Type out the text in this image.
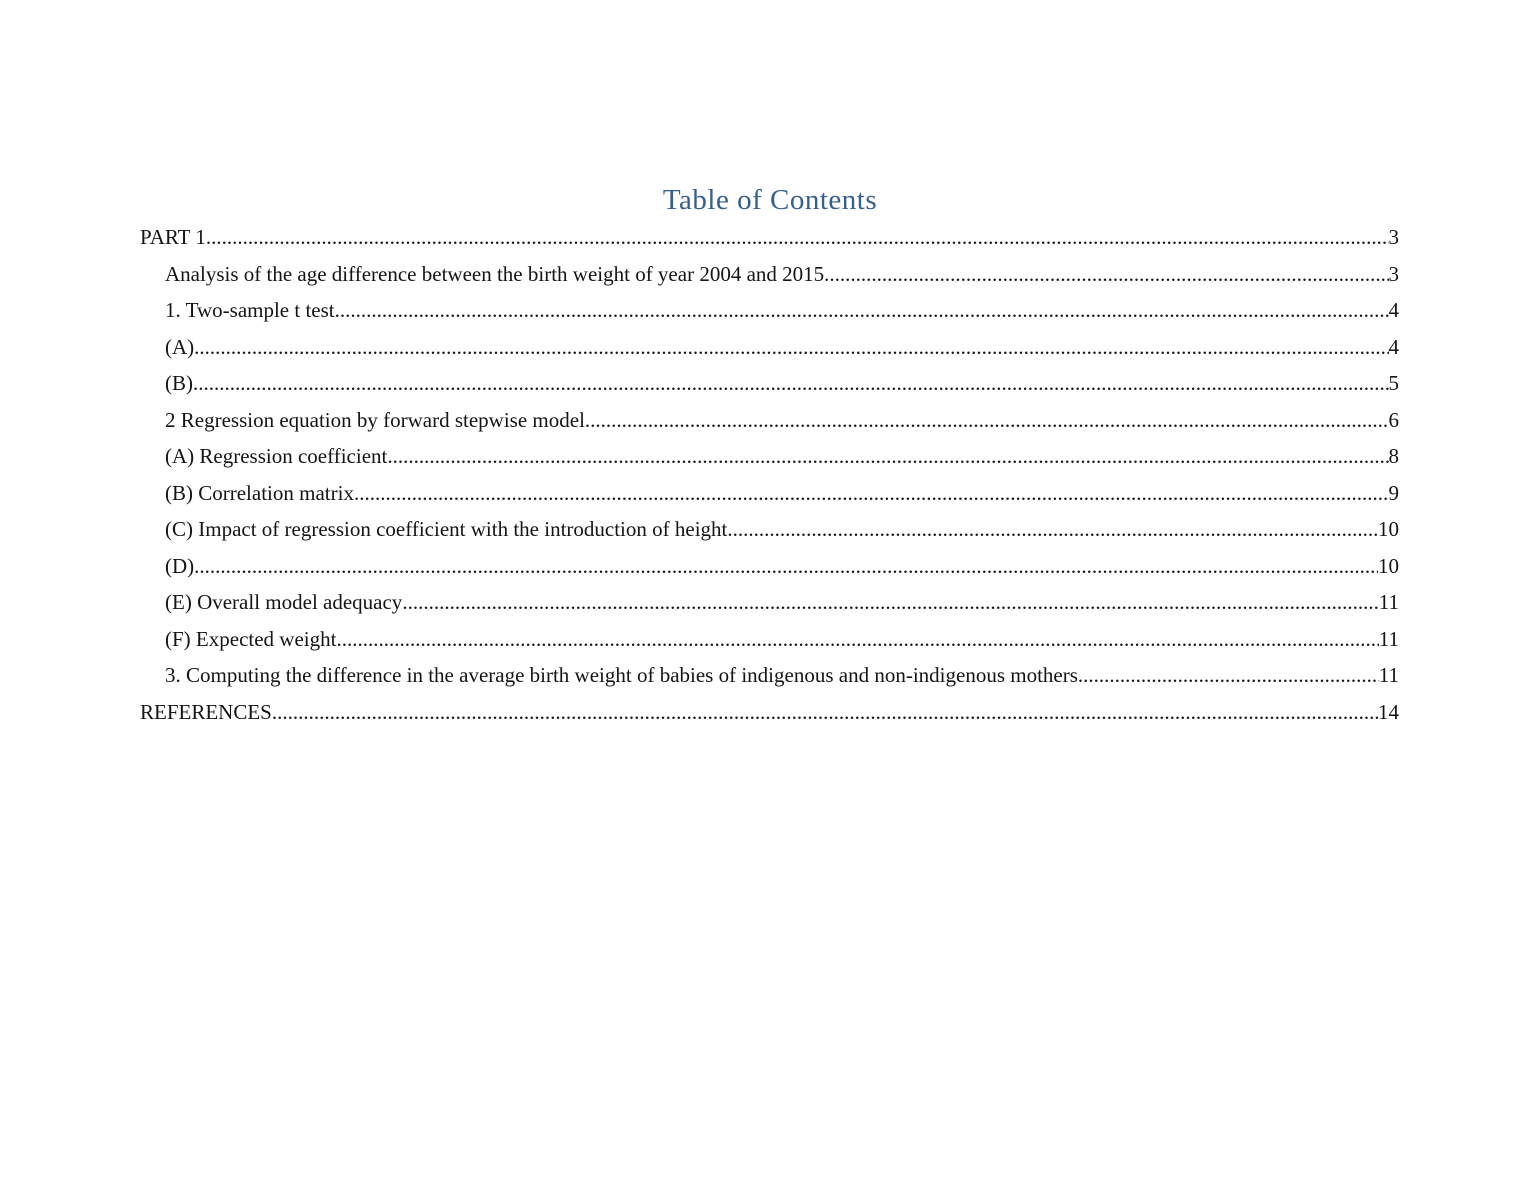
Table of Contents
PART 1 .....	3
Analysis of the age difference between the birth weight of year 2004 and 2015 .....	3
1. Two-sample t test .....	4
(A) .....	4
(B) .....	5
2 Regression equation by forward stepwise model .....	6
(A) Regression coefficient .....	8
(B) Correlation matrix .....	9
(C) Impact of regression coefficient with the introduction of height .....	10
(D) .....	10
(E) Overall model adequacy .....	11
(F) Expected weight .....	11
3. Computing the difference in the average birth weight of babies of indigenous and non-indigenous mothers .....	11
REFERENCES .....	14
